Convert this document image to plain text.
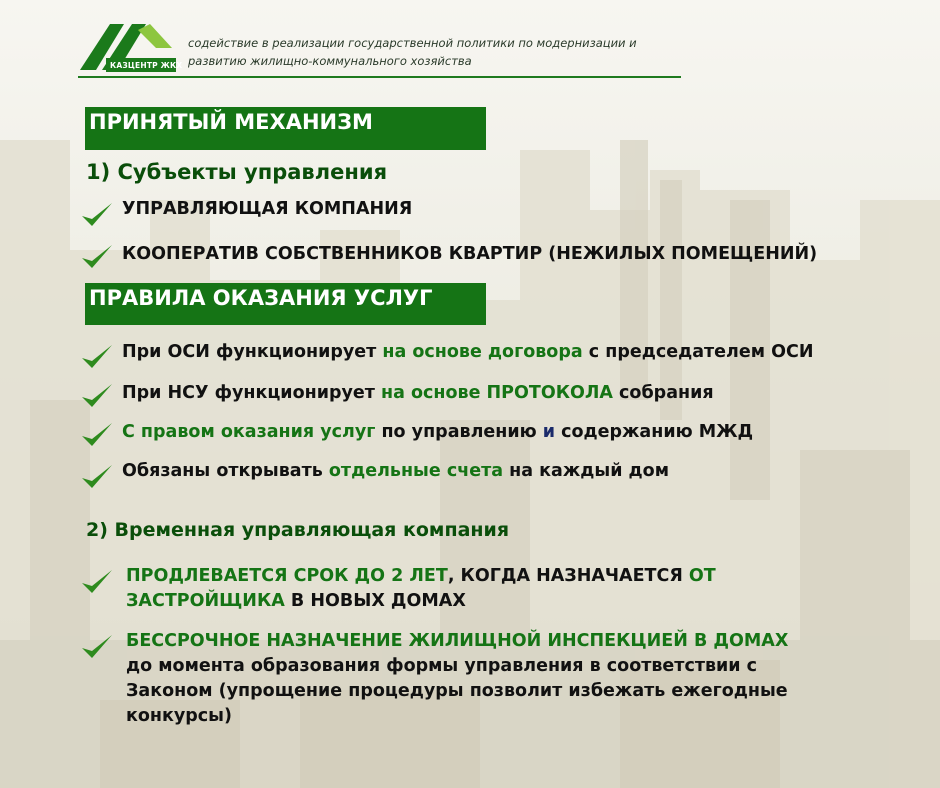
КАЗЦЕНТР ЖКХ
содействие в реализации государственной политики по модернизации и
развитию жилищно-коммунального хозяйства
ПРИНЯТЫЙ МЕХАНИЗМ
1) Субъекты управления
УПРАВЛЯЮЩАЯ КОМПАНИЯ
КООПЕРАТИВ СОБСТВЕННИКОВ КВАРТИР (НЕЖИЛЫХ ПОМЕЩЕНИЙ)
ПРАВИЛА ОКАЗАНИЯ УСЛУГ
При ОСИ функционирует на основе договора с председателем ОСИ
При НСУ функционирует на основе ПРОТОКОЛА собрания
С правом оказания услуг по управлению и содержанию МЖД
Обязаны открывать отдельные счета на каждый дом
2) Временная управляющая компания
ПРОДЛЕВАЕТСЯ СРОК ДО 2 ЛЕТ, КОГДА НАЗНАЧАЕТСЯ ОТ
ЗАСТРОЙЩИКА В НОВЫХ ДОМАХ
БЕССРОЧНОЕ НАЗНАЧЕНИЕ ЖИЛИЩНОЙ ИНСПЕКЦИЕЙ В ДОМАХ
до момента образования формы управления в соответствии с
Законом (упрощение процедуры позволит избежать ежегодные
конкурсы)
